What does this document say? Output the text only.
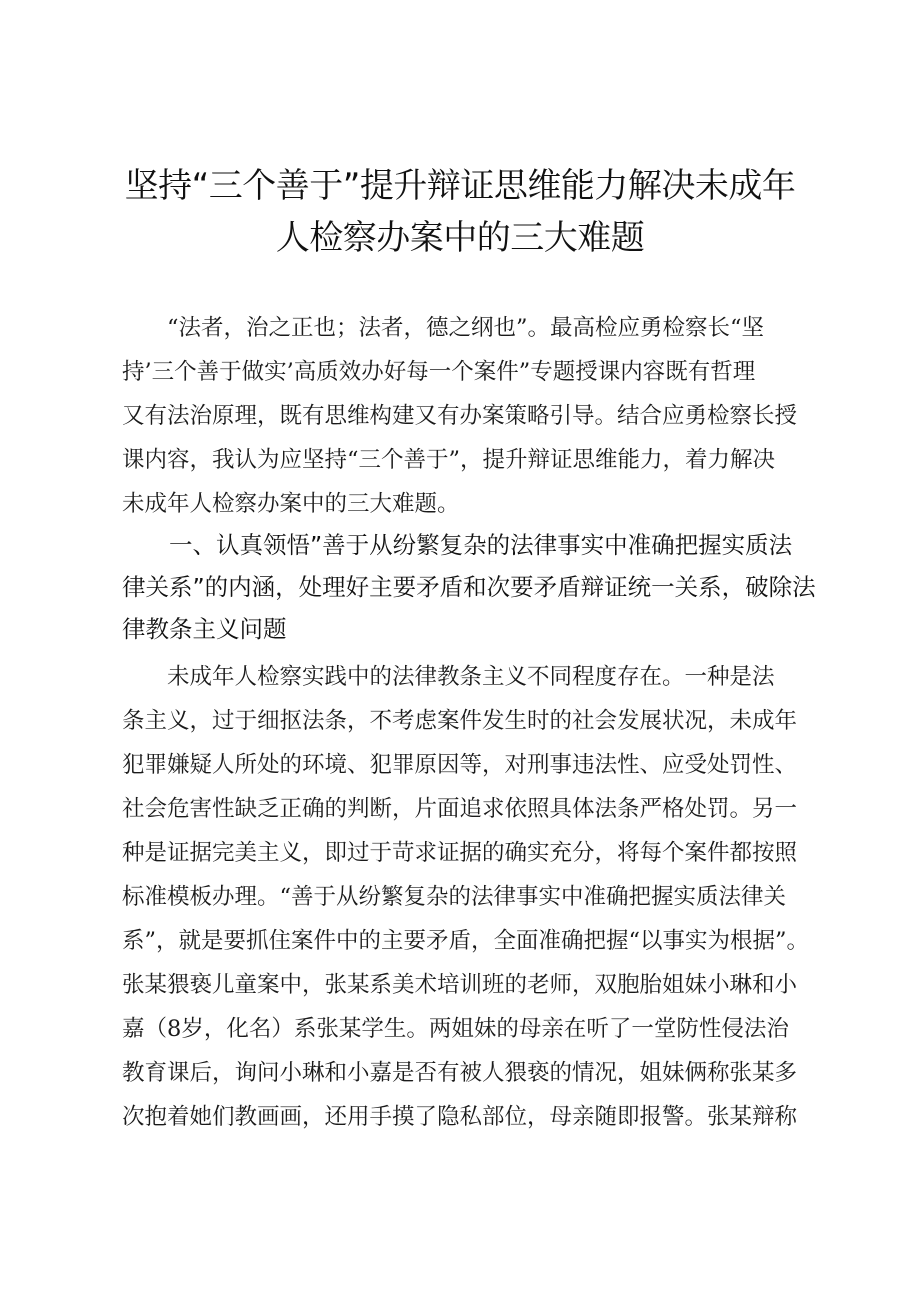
坚持“三个善于”提升辩证思维能力解决未成年
人检察办案中的三大难题
　　“法者，治之正也；法者，德之纲也”。最高检应勇检察长“坚
持’三个善于做实’高质效办好每一个案件”专题授课内容既有哲理
又有法治原理，既有思维构建又有办案策略引导。结合应勇检察长授
课内容，我认为应坚持“三个善于”，提升辩证思维能力，着力解决
未成年人检察办案中的三大难题。
　　一、认真领悟”善于从纷繁复杂的法律事实中准确把握实质法
律关系”的内涵，处理好主要矛盾和次要矛盾辩证统一关系，破除法
律教条主义问题
　　未成年人检察实践中的法律教条主义不同程度存在。一种是法
条主义，过于细抠法条，不考虑案件发生时的社会发展状况，未成年
犯罪嫌疑人所处的环境、犯罪原因等，对刑事违法性、应受处罚性、
社会危害性缺乏正确的判断，片面追求依照具体法条严格处罚。另一
种是证据完美主义，即过于苛求证据的确实充分，将每个案件都按照
标准模板办理。“善于从纷繁复杂的法律事实中准确把握实质法律关
系”，就是要抓住案件中的主要矛盾，全面准确把握“以事实为根据”。
张某猥亵儿童案中，张某系美术培训班的老师，双胞胎姐妹小琳和小
嘉（8岁，化名）系张某学生。两姐妹的母亲在听了一堂防性侵法治
教育课后，询问小琳和小嘉是否有被人猥亵的情况，姐妹俩称张某多
次抱着她们教画画，还用手摸了隐私部位，母亲随即报警。张某辩称
